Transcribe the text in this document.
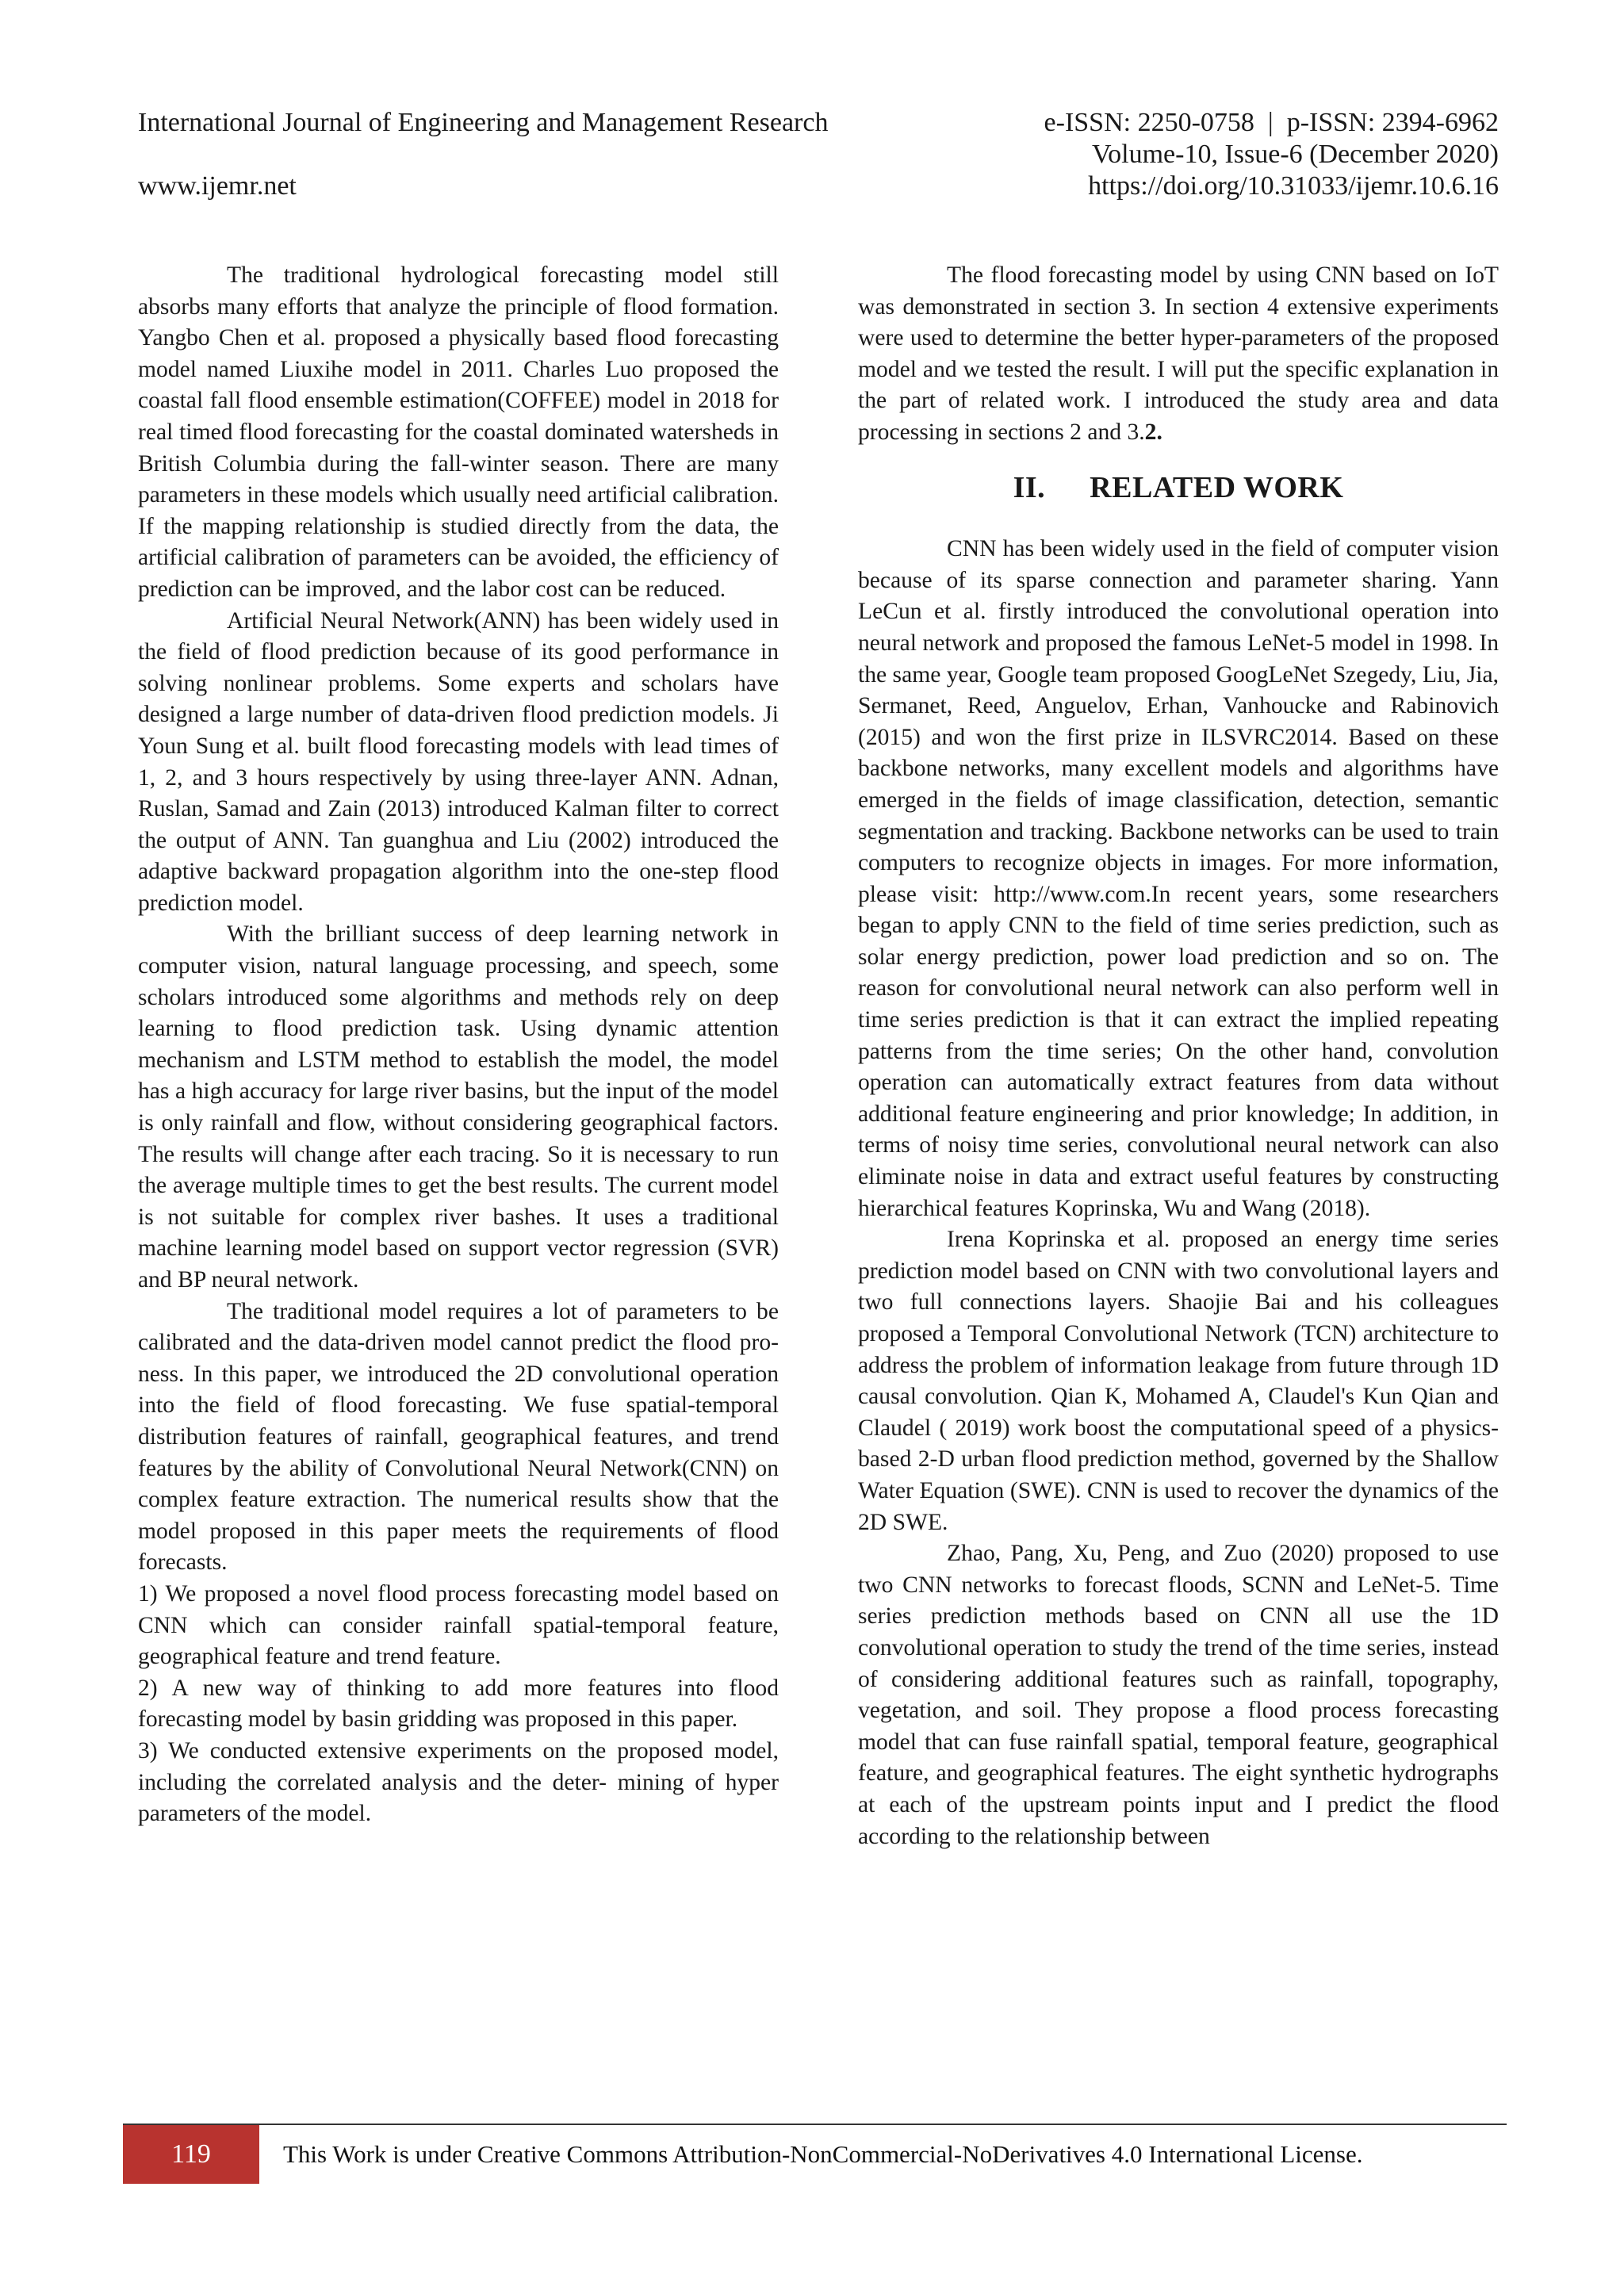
International Journal of Engineering and Management Research	e-ISSN: 2250-0758  |  p-ISSN: 2394-6962
Volume-10, Issue-6 (December 2020)
www.ijemr.net	https://doi.org/10.31033/ijemr.10.6.16

The traditional hydrological forecasting model still absorbs many efforts that analyze the principle of flood formation. Yangbo Chen et al. proposed a physically based flood forecasting model named Liuxihe model in 2011. Charles Luo proposed the coastal fall flood ensemble estimation(COFFEE) model in 2018 for real timed flood forecasting for the coastal dominated watersheds in British Columbia during the fall-winter season. There are many parameters in these models which usually need artificial calibration. If the mapping relationship is studied directly from the data, the artificial calibration of parameters can be avoided, the efficiency of prediction can be improved, and the labor cost can be reduced.

Artificial Neural Network(ANN) has been widely used in the field of flood prediction because of its good performance in solving nonlinear problems. Some experts and scholars have designed a large number of data-driven flood prediction models. Ji Youn Sung et al. built flood forecasting models with lead times of 1, 2, and 3 hours respectively by using three-layer ANN. Adnan, Ruslan, Samad and Zain (2013) introduced Kalman filter to correct the output of ANN. Tan guanghua and Liu (2002) introduced the adaptive backward propagation algorithm into the one-step flood prediction model.

With the brilliant success of deep learning network in computer vision, natural language processing, and speech, some scholars introduced some algorithms and methods rely on deep learning to flood prediction task. Using dynamic attention mechanism and LSTM method to establish the model, the model has a high accuracy for large river basins, but the input of the model is only rainfall and flow, without considering geographical factors. The results will change after each tracing. So it is necessary to run the average multiple times to get the best results. The current model is not suitable for complex river bashes. It uses a traditional machine learning model based on support vector regression (SVR) and BP neural network.

The traditional model requires a lot of parameters to be calibrated and the data-driven model cannot predict the flood pro- ness. In this paper, we introduced the 2D convolutional operation into the field of flood forecasting. We fuse spatial-temporal distribution features of rainfall, geographical features, and trend features by the ability of Convolutional Neural Network(CNN) on complex feature extraction. The numerical results show that the model proposed in this paper meets the requirements of flood forecasts.

1) We proposed a novel flood process forecasting model based on CNN which can consider rainfall spatial-temporal feature, geographical feature and trend feature.

2) A new way of thinking to add more features into flood forecasting model by basin gridding was proposed in this paper.

3) We conducted extensive experiments on the proposed model, including the correlated analysis and the deter- mining of hyper parameters of the model.

The flood forecasting model by using CNN based on IoT was demonstrated in section 3. In section 4 extensive experiments were used to determine the better hyper-parameters of the proposed model and we tested the result. I will put the specific explanation in the part of related work. I introduced the study area and data processing in sections 2 and 3.2.

II. RELATED WORK

CNN has been widely used in the field of computer vision because of its sparse connection and parameter sharing. Yann LeCun et al. firstly introduced the convolutional operation into neural network and proposed the famous LeNet-5 model in 1998. In the same year, Google team proposed GoogLeNet Szegedy, Liu, Jia, Sermanet, Reed, Anguelov, Erhan, Vanhoucke and Rabinovich (2015) and won the first prize in ILSVRC2014. Based on these backbone networks, many excellent models and algorithms have emerged in the fields of image classification, detection, semantic segmentation and tracking. Backbone networks can be used to train computers to recognize objects in images. For more information, please visit: http://www.com.In recent years, some researchers began to apply CNN to the field of time series prediction, such as solar energy prediction, power load prediction and so on. The reason for convolutional neural network can also perform well in time series prediction is that it can extract the implied repeating patterns from the time series; On the other hand, convolution operation can automatically extract features from data without additional feature engineering and prior knowledge; In addition, in terms of noisy time series, convolutional neural network can also eliminate noise in data and extract useful features by constructing hierarchical features Koprinska, Wu and Wang (2018).

Irena Koprinska et al. proposed an energy time series prediction model based on CNN with two convolutional layers and two full connections layers. Shaojie Bai and his colleagues proposed a Temporal Convolutional Network (TCN) architecture to address the problem of information leakage from future through 1D causal convolution. Qian K, Mohamed A, Claudel's Kun Qian and Claudel ( 2019) work boost the computational speed of a physics-based 2-D urban flood prediction method, governed by the Shallow Water Equation (SWE). CNN is used to recover the dynamics of the 2D SWE.

Zhao, Pang, Xu, Peng, and Zuo (2020) proposed to use two CNN networks to forecast floods, SCNN and LeNet-5. Time series prediction methods based on CNN all use the 1D convolutional operation to study the trend of the time series, instead of considering additional features such as rainfall, topography, vegetation, and soil. They propose a flood process forecasting model that can fuse rainfall spatial, temporal feature, geographical feature, and geographical features. The eight synthetic hydrographs at each of the upstream points input and I predict the flood according to the relationship between

119	This Work is under Creative Commons Attribution-NonCommercial-NoDerivatives 4.0 International License.
